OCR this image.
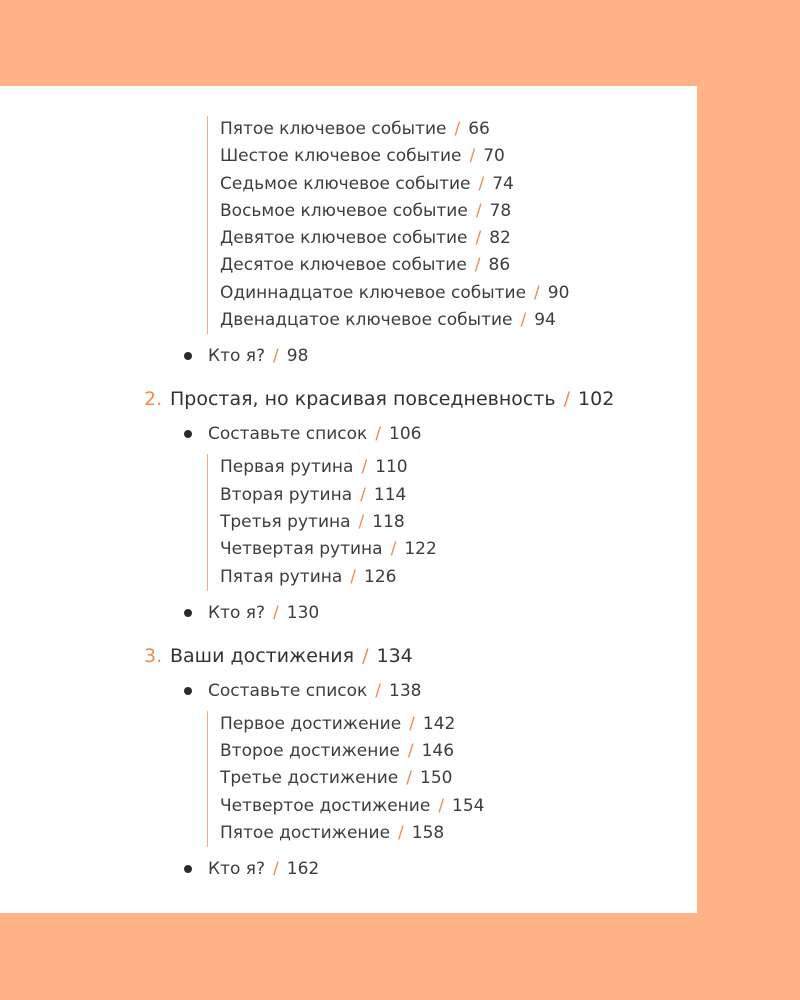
Пятое ключевое событие / 66
Шестое ключевое событие / 70
Седьмое ключевое событие / 74
Восьмое ключевое событие / 78
Девятое ключевое событие / 82
Десятое ключевое событие / 86
Одиннадцатое ключевое событие / 90
Двенадцатое ключевое событие / 94
Кто я? / 98
2. Простая, но красивая повседневность / 102
Составьте список / 106
Первая рутина / 110
Вторая рутина / 114
Третья рутина / 118
Четвертая рутина / 122
Пятая рутина / 126
Кто я? / 130
3. Ваши достижения / 134
Составьте список / 138
Первое достижение / 142
Второе достижение / 146
Третье достижение / 150
Четвертое достижение / 154
Пятое достижение / 158
Кто я? / 162
